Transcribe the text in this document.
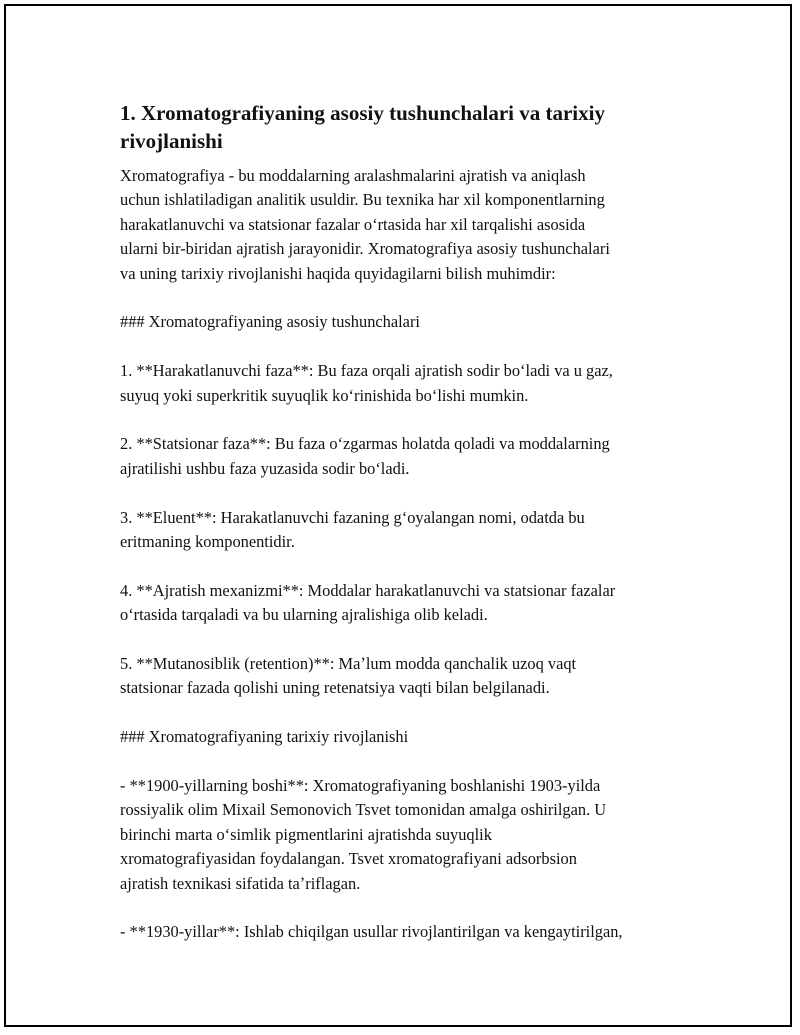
1. Xromatografiyaning asosiy tushunchalari va tarixiy rivojlanishi

Xromatografiya - bu moddalarning aralashmalarini ajratish va aniqlash
uchun ishlatiladigan analitik usuldir. Bu texnika har xil komponentlarning
harakatlanuvchi va statsionar fazalar oʻrtasida har xil tarqalishi asosida
ularni bir-biridan ajratish jarayonidir. Xromatografiya asosiy tushunchalari
va uning tarixiy rivojlanishi haqida quyidagilarni bilish muhimdir:

### Xromatografiyaning asosiy tushunchalari

1. **Harakatlanuvchi faza**: Bu faza orqali ajratish sodir boʻladi va u gaz,
suyuq yoki superkritik suyuqlik koʻrinishida boʻlishi mumkin.

2. **Statsionar faza**: Bu faza oʻzgarmas holatda qoladi va moddalarning
ajratilishi ushbu faza yuzasida sodir boʻladi.

3. **Eluent**: Harakatlanuvchi fazaning gʻoyalangan nomi, odatda bu
eritmaning komponentidir.

4. **Ajratish mexanizmi**: Moddalar harakatlanuvchi va statsionar fazalar
oʻrtasida tarqaladi va bu ularning ajralishiga olib keladi.

5. **Mutanosiblik (retention)**: Maʼlum modda qanchalik uzoq vaqt
statsionar fazada qolishi uning retenatsiya vaqti bilan belgilanadi.

### Xromatografiyaning tarixiy rivojlanishi

- **1900-yillarning boshi**: Xromatografiyaning boshlanishi 1903-yilda
rossiyalik olim Mixail Semonovich Tsvet tomonidan amalga oshirilgan. U
birinchi marta oʻsimlik pigmentlarini ajratishda suyuqlik
xromatografiyasidan foydalangan. Tsvet xromatografiyani adsorbsion
ajratish texnikasi sifatida taʼriflagan.

- **1930-yillar**: Ishlab chiqilgan usullar rivojlantirilgan va kengaytirilgan,
